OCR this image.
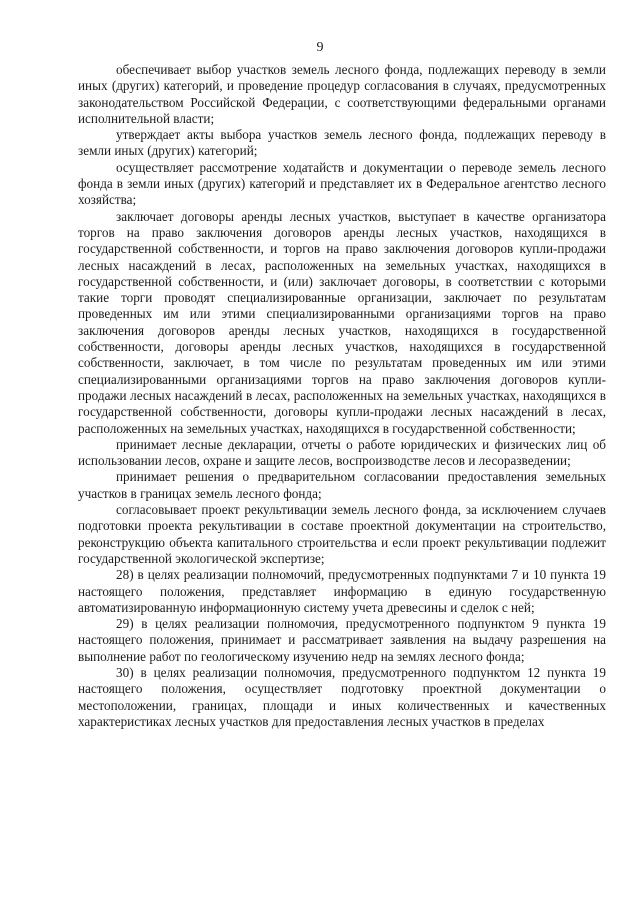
9

обеспечивает выбор участков земель лесного фонда, подлежащих переводу в земли иных (других) категорий, и проведение процедур согласования в случаях, предусмотренных законодательством Российской Федерации, с соответствующими федеральными органами исполнительной власти;

утверждает акты выбора участков земель лесного фонда, подлежащих переводу в земли иных (других) категорий;

осуществляет рассмотрение ходатайств и документации о переводе земель лесного фонда в земли иных (других) категорий и представляет их в Федеральное агентство лесного хозяйства;

заключает договоры аренды лесных участков, выступает в качестве организатора торгов на право заключения договоров аренды лесных участков, находящихся в государственной собственности, и торгов на право заключения договоров купли-продажи лесных насаждений в лесах, расположенных на земельных участках, находящихся в государственной собственности, и (или) заключает договоры, в соответствии с которыми такие торги проводят специализированные организации, заключает по результатам проведенных им или этими специализированными организациями торгов на право заключения договоров аренды лесных участков, находящихся в государственной собственности, договоры аренды лесных участков, находящихся в государственной собственности, заключает, в том числе по результатам проведенных им или этими специализированными организациями торгов на право заключения договоров купли-продажи лесных насаждений в лесах, расположенных на земельных участках, находящихся в государственной собственности, договоры купли-продажи лесных насаждений в лесах, расположенных на земельных участках, находящихся в государственной собственности;

принимает лесные декларации, отчеты о работе юридических и физических лиц об использовании лесов, охране и защите лесов, воспроизводстве лесов и лесоразведении;

принимает решения о предварительном согласовании предоставления земельных участков в границах земель лесного фонда;

согласовывает проект рекультивации земель лесного фонда, за исключением случаев подготовки проекта рекультивации в составе проектной документации на строительство, реконструкцию объекта капитального строительства и если проект рекультивации подлежит государственной экологической экспертизе;

28) в целях реализации полномочий, предусмотренных подпунктами 7 и 10 пункта 19 настоящего положения, представляет информацию в единую государственную автоматизированную информационную систему учета древесины и сделок с ней;

29) в целях реализации полномочия, предусмотренного подпунктом 9 пункта 19 настоящего положения, принимает и рассматривает заявления на выдачу разрешения на выполнение работ по геологическому изучению недр на землях лесного фонда;

30) в целях реализации полномочия, предусмотренного подпунктом 12 пункта 19 настоящего положения, осуществляет подготовку проектной документации о местоположении, границах, площади и иных количественных и качественных характеристиках лесных участков для предоставления лесных участков в пределах
